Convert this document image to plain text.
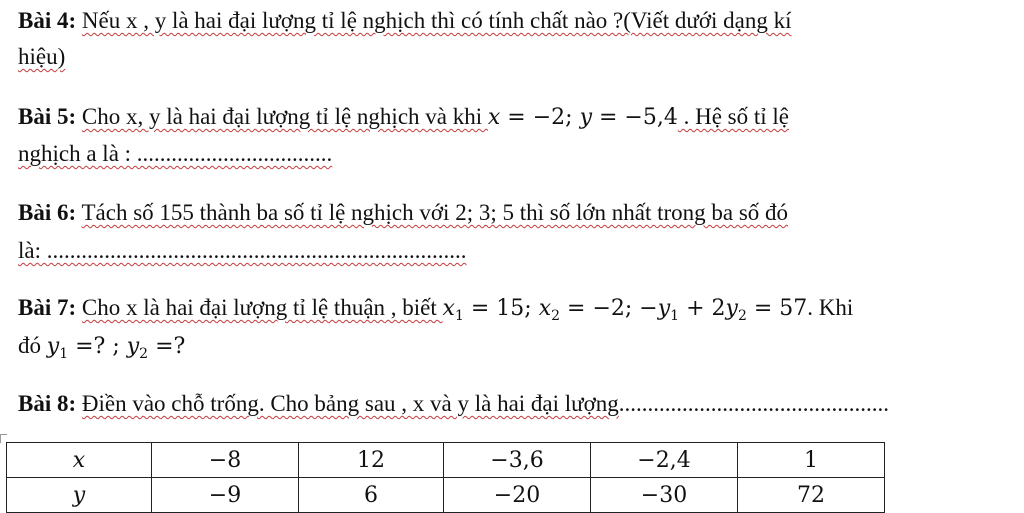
Bài 4: Nếu x , y là hai đại lượng tỉ lệ nghịch thì có tính chất nào ?(Viết dưới dạng kí
hiệu)
Bài 5: Cho x, y là hai đại lượng tỉ lệ nghịch và khi x = −2; y = −5,4 . Hệ số tỉ lệ
nghịch a là : ..................................
Bài 6: Tách số 155 thành ba số tỉ lệ nghịch với 2; 3; 5 thì số lớn nhất trong ba số đó
là: .........................................................................
Bài 7: Cho x là hai đại lượng tỉ lệ thuận , biết $x_1 = 15$; $x_2 = -2$; $-y_1 + 2y_2 = 57$. Khi
đó $y_1$ =? ; $y_2$ =?
Bài 8: Điền vào chỗ trống. Cho bảng sau , x và y là hai đại lượng...............................................
x	−8	12	−3,6	−2,4	1
y	−9	6	−20	−30	72
